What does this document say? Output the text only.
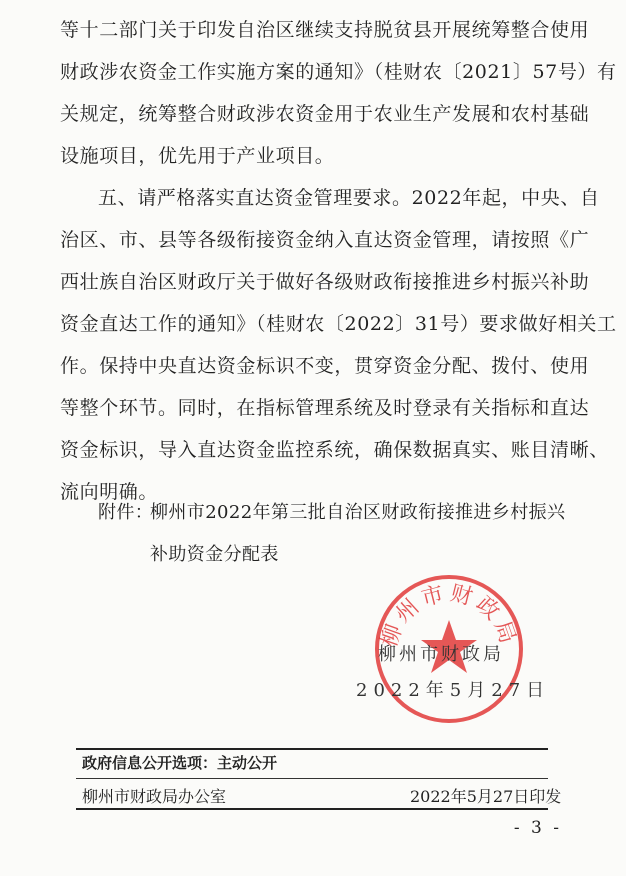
等十二部门关于印发自治区继续支持脱贫县开展统筹整合使用
财政涉农资金工作实施方案的通知》（桂财农〔2021〕57号）有
关规定，统筹整合财政涉农资金用于农业生产发展和农村基础
设施项目，优先用于产业项目。
五、请严格落实直达资金管理要求。2022年起，中央、自
治区、市、县等各级衔接资金纳入直达资金管理，请按照《广
西壮族自治区财政厅关于做好各级财政衔接推进乡村振兴补助
资金直达工作的通知》（桂财农〔2022〕31号）要求做好相关工
作。保持中央直达资金标识不变，贯穿资金分配、拨付、使用
等整个环节。同时，在指标管理系统及时登录有关指标和直达
资金标识，导入直达资金监控系统，确保数据真实、账目清晰、
流向明确。
附件：
柳州市2022年第三批自治区财政衔接推进乡村振兴
补助资金分配表
柳州市财政局
柳州市财政局
2022年5月27日
政府信息公开选项：主动公开
柳州市财政局办公室	2022年5月27日印发
- 3 -
